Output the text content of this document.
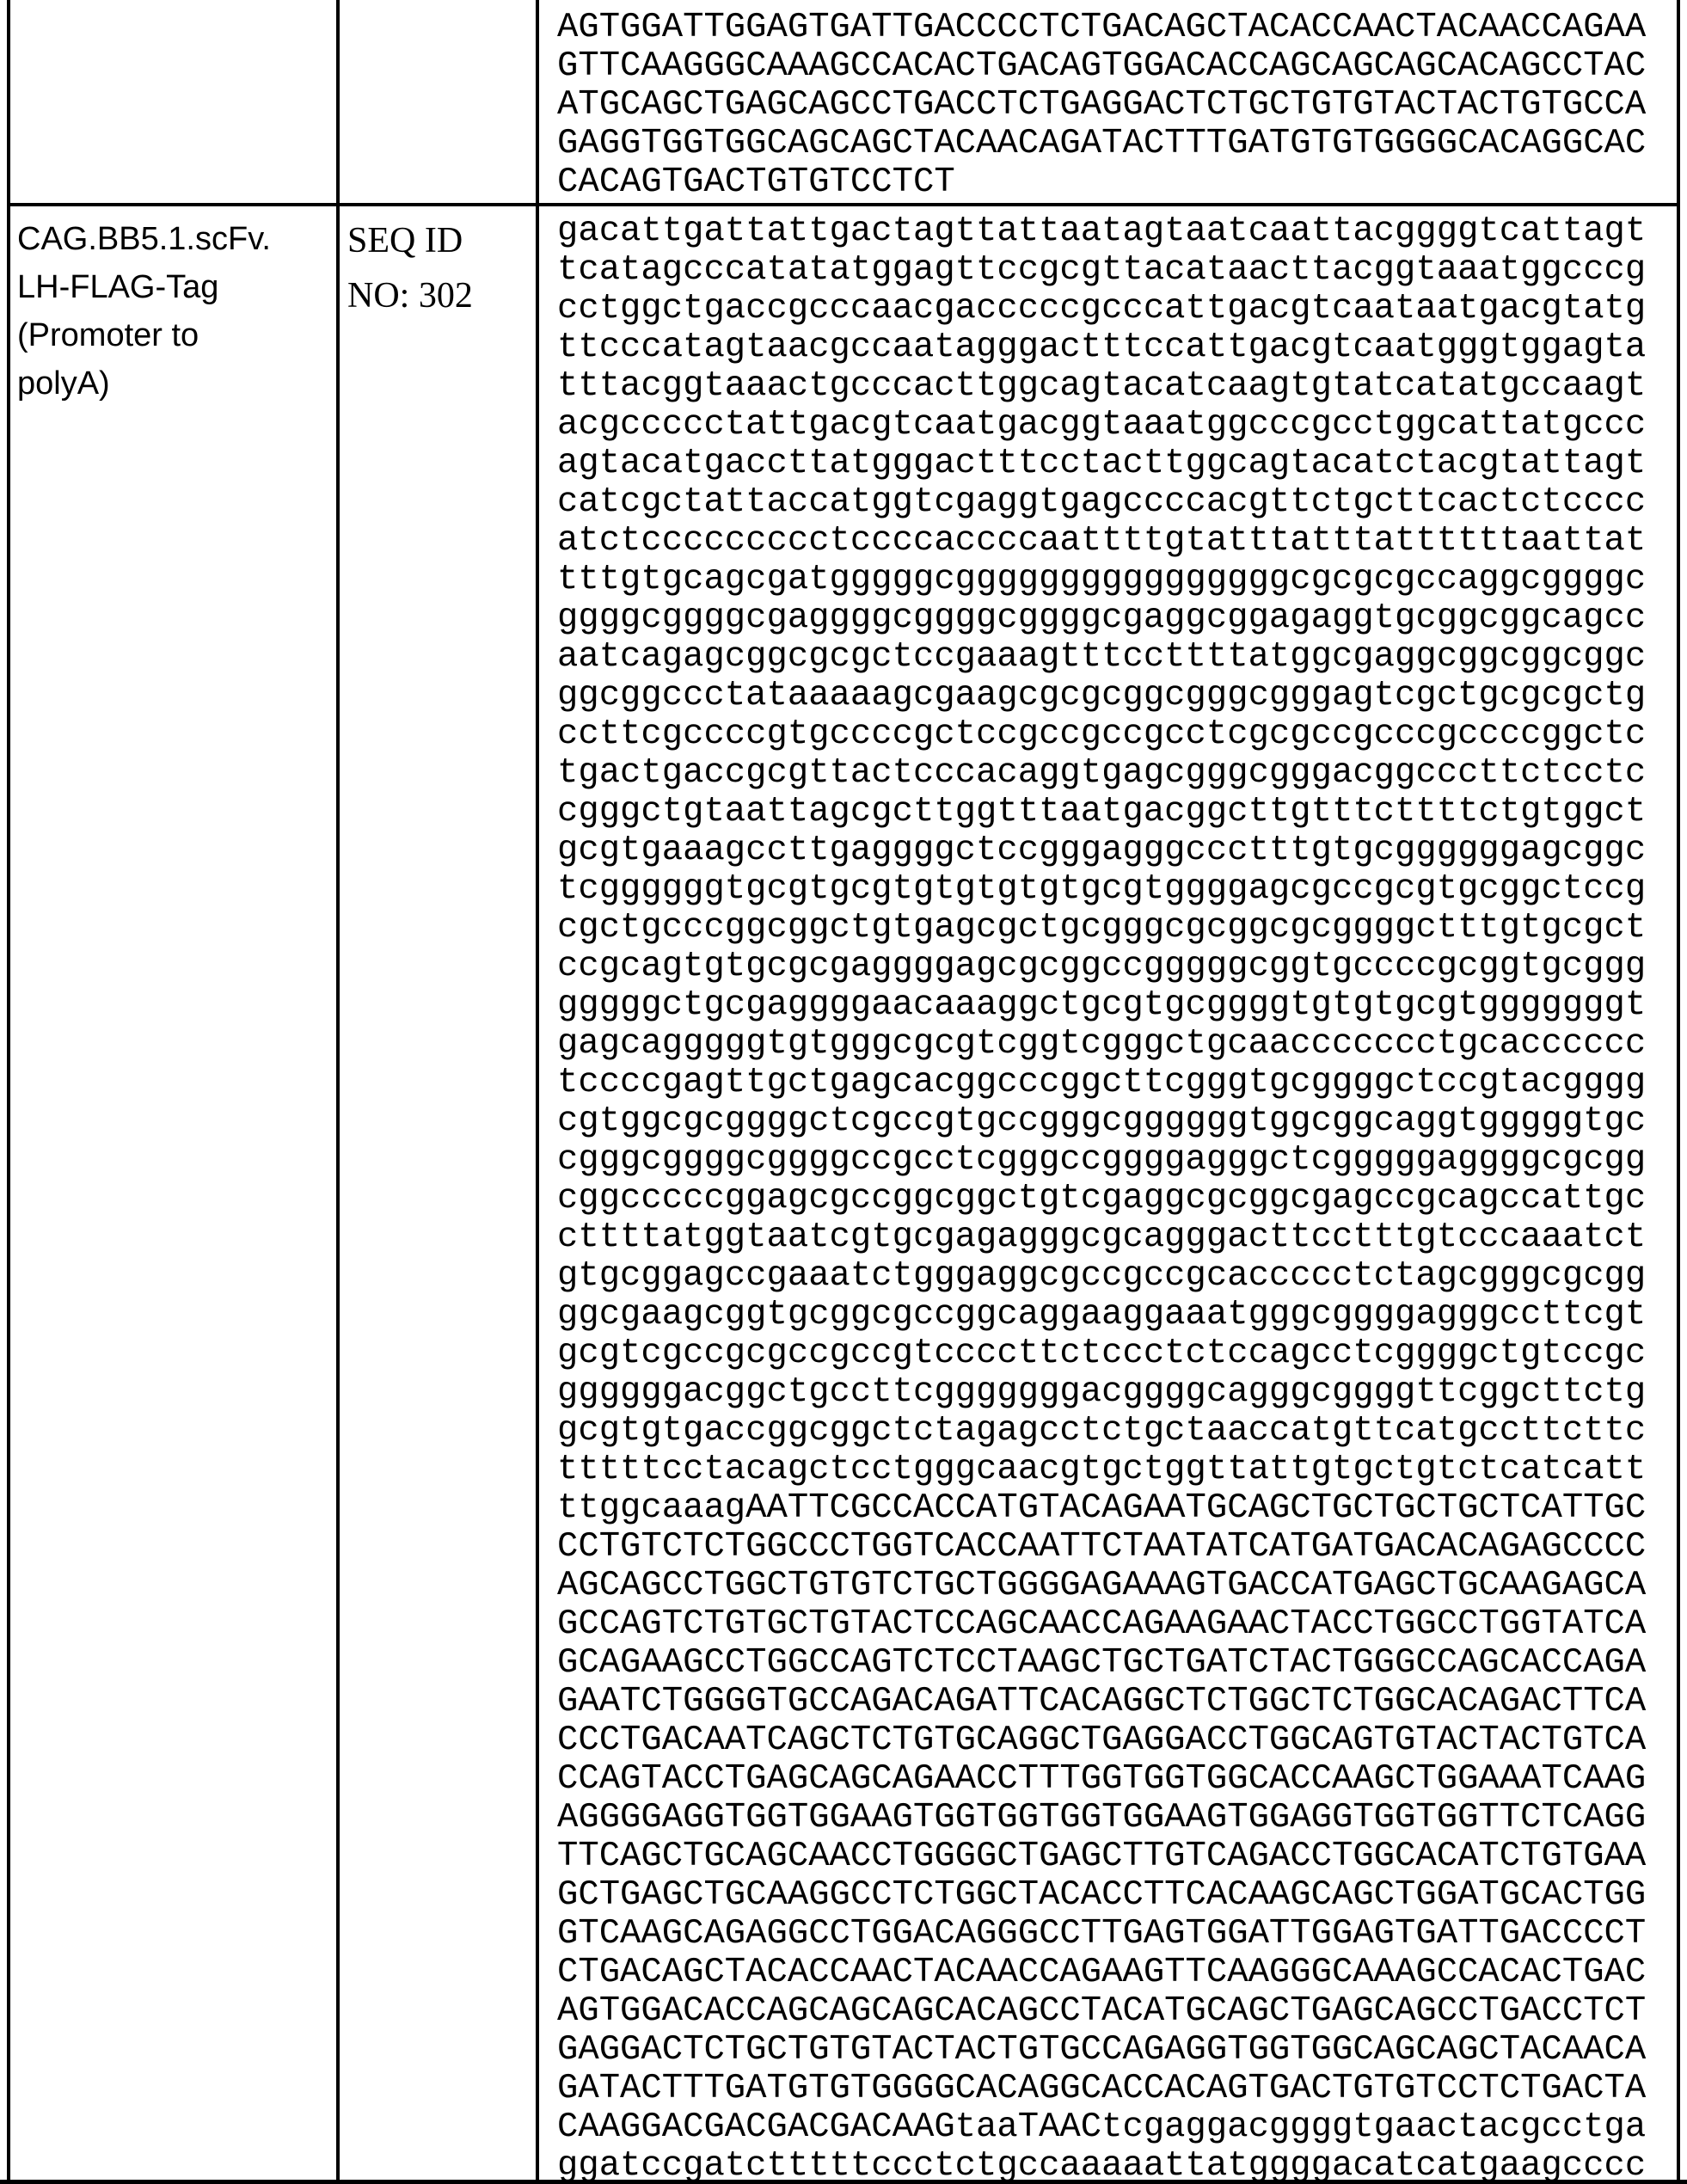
AGTGGATTGGAGTGATTGACCCCTCTGACAGCTACACCAACTACAACCAGAA
GTTCAAGGGCAAAGCCACACTGACAGTGGACACCAGCAGCAGCACAGCCTAC
ATGCAGCTGAGCAGCCTGACCTCTGAGGACTCTGCTGTGTACTACTGTGCCA
GAGGTGGTGGCAGCAGCTACAACAGATACTTTGATGTGTGGGGCACAGGCAC
CACAGTGACTGTGTCCTCT
CAG.BB5.1.scFv.
LH-FLAG-Tag
(Promoter to
polyA)
SEQ ID
NO: 302
gacattgattattgactagttattaatagtaatcaattacggggtcattagt
tcatagcccatatatggagttccgcgttacataacttacggtaaatggcccg
cctggctgaccgcccaacgacccccgcccattgacgtcaataatgacgtatg
ttcccatagtaacgccaatagggactttccattgacgtcaatgggtggagta
tttacggtaaactgcccacttggcagtacatcaagtgtatcatatgccaagt
acgccccctattgacgtcaatgacggtaaatggcccgcctggcattatgccc
agtacatgaccttatgggactttcctacttggcagtacatctacgtattagt
catcgctattaccatggtcgaggtgagccccacgttctgcttcactctcccc
atctccccccccctccccaccccaattttgtatttatttattttttaattat
tttgtgcagcgatgggggcggggggggggggggggcgcgcgccaggcggggc
ggggcggggcgaggggcggggcggggcgaggcggagaggtgcggcggcagcc
aatcagagcggcgcgctccgaaagtttccttttatggcgaggcggcggcggc
ggcggccctataaaaagcgaagcgcgcggcgggcgggagtcgctgcgcgctg
ccttcgccccgtgccccgctccgccgccgcctcgcgccgcccgccccggctc
tgactgaccgcgttactcccacaggtgagcgggcgggacggcccttctcctc
cgggctgtaattagcgcttggtttaatgacggcttgtttcttttctgtggct
gcgtgaaagccttgaggggctccgggagggccctttgtgcggggggagcggc
tcggggggtgcgtgcgtgtgtgtgtgcgtggggagcgccgcgtgcggctccg
cgctgcccggcggctgtgagcgctgcgggcgcggcgcggggctttgtgcgct
ccgcagtgtgcgcgaggggagcgcggccgggggcggtgccccgcggtgcggg
gggggctgcgaggggaacaaaggctgcgtgcggggtgtgtgcgtgggggggt
gagcagggggtgtgggcgcgtcggtcgggctgcaaccccccctgcacccccc
tccccgagttgctgagcacggcccggcttcgggtgcggggctccgtacgggg
cgtggcgcggggctcgccgtgccgggcggggggtggcggcaggtgggggtgc
cgggcggggcggggccgcctcgggccggggagggctcgggggaggggcgcgg
cggcccccggagcgccggcggctgtcgaggcgcggcgagccgcagccattgc
cttttatggtaatcgtgcgagagggcgcagggacttcctttgtcccaaatct
gtgcggagccgaaatctgggaggcgccgccgcaccccctctagcgggcgcgg
ggcgaagcggtgcggcgccggcaggaaggaaatgggcggggagggccttcgt
gcgtcgccgcgccgccgtccccttctccctctccagcctcggggctgtccgc
ggggggacggctgccttcgggggggacggggcagggcggggttcggcttctg
gcgtgtgaccggcggctctagagcctctgctaaccatgttcatgccttcttc
tttttcctacagctcctgggcaacgtgctggttattgtgctgtctcatcatt
ttggcaaagAATTCGCCACCATGTACAGAATGCAGCTGCTGCTGCTCATTGC
CCTGTCTCTGGCCCTGGTCACCAATTCTAATATCATGATGACACAGAGCCCC
AGCAGCCTGGCTGTGTCTGCTGGGGAGAAAGTGACCATGAGCTGCAAGAGCA
GCCAGTCTGTGCTGTACTCCAGCAACCAGAAGAACTACCTGGCCTGGTATCA
GCAGAAGCCTGGCCAGTCTCCTAAGCTGCTGATCTACTGGGCCAGCACCAGA
GAATCTGGGGTGCCAGACAGATTCACAGGCTCTGGCTCTGGCACAGACTTCA
CCCTGACAATCAGCTCTGTGCAGGCTGAGGACCTGGCAGTGTACTACTGTCA
CCAGTACCTGAGCAGCAGAACCTTTGGTGGTGGCACCAAGCTGGAAATCAAG
AGGGGAGGTGGTGGAAGTGGTGGTGGTGGAAGTGGAGGTGGTGGTTCTCAGG
TTCAGCTGCAGCAACCTGGGGCTGAGCTTGTCAGACCTGGCACATCTGTGAA
GCTGAGCTGCAAGGCCTCTGGCTACACCTTCACAAGCAGCTGGATGCACTGG
GTCAAGCAGAGGCCTGGACAGGGCCTTGAGTGGATTGGAGTGATTGACCCCT
CTGACAGCTACACCAACTACAACCAGAAGTTCAAGGGCAAAGCCACACTGAC
AGTGGACACCAGCAGCAGCACAGCCTACATGCAGCTGAGCAGCCTGACCTCT
GAGGACTCTGCTGTGTACTACTGTGCCAGAGGTGGTGGCAGCAGCTACAACA
GATACTTTGATGTGTGGGGCACAGGCACCACAGTGACTGTGTCCTCTGACTA
CAAGGACGACGACGACAAGtaaTAACtcgaggacggggtgaactacgcctga
ggatccgatctttttccctctgccaaaaattatggggacatcatgaagcccc
